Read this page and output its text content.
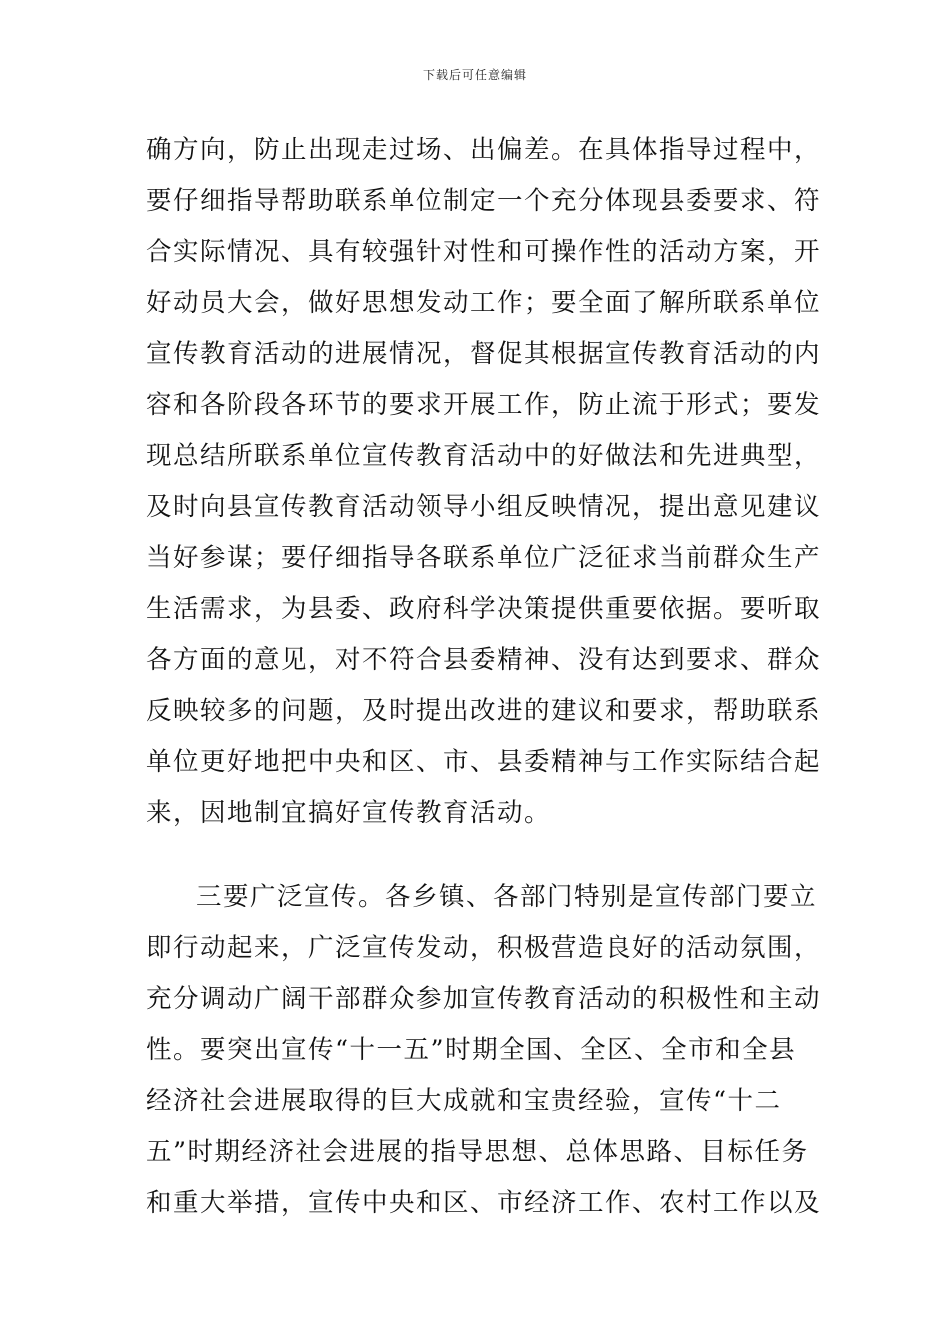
下载后可任意编辑
确方向，防止出现走过场、出偏差。在具体指导过程中，
要仔细指导帮助联系单位制定一个充分体现县委要求、符
合实际情况、具有较强针对性和可操作性的活动方案，开
好动员大会，做好思想发动工作；要全面了解所联系单位
宣传教育活动的进展情况，督促其根据宣传教育活动的内
容和各阶段各环节的要求开展工作，防止流于形式；要发
现总结所联系单位宣传教育活动中的好做法和先进典型，
及时向县宣传教育活动领导小组反映情况，提出意见建议
当好参谋；要仔细指导各联系单位广泛征求当前群众生产
生活需求，为县委、政府科学决策提供重要依据。要听取
各方面的意见，对不符合县委精神、没有达到要求、群众
反映较多的问题，及时提出改进的建议和要求，帮助联系
单位更好地把中央和区、市、县委精神与工作实际结合起
来，因地制宜搞好宣传教育活动。
三要广泛宣传。各乡镇、各部门特别是宣传部门要立
即行动起来，广泛宣传发动，积极营造良好的活动氛围，
充分调动广阔干部群众参加宣传教育活动的积极性和主动
性。要突出宣传“十一五”时期全国、全区、全市和全县
经济社会进展取得的巨大成就和宝贵经验，宣传“十二
五”时期经济社会进展的指导思想、总体思路、目标任务
和重大举措，宣传中央和区、市经济工作、农村工作以及
